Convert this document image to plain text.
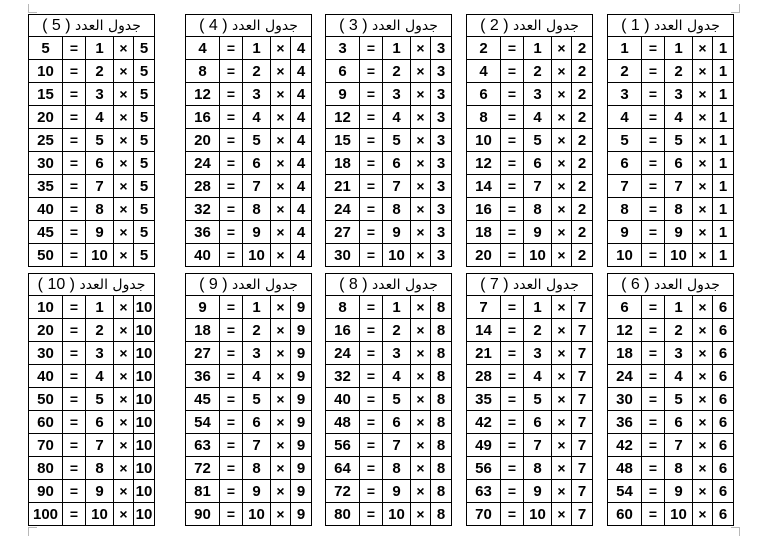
جدول العدد ( 5 )				
5	=	1	×	5
10	=	2	×	5
15	=	3	×	5
20	=	4	×	5
25	=	5	×	5
30	=	6	×	5
35	=	7	×	5
40	=	8	×	5
45	=	9	×	5
50	=	10	×	5
جدول العدد ( 4 )				
4	=	1	×	4
8	=	2	×	4
12	=	3	×	4
16	=	4	×	4
20	=	5	×	4
24	=	6	×	4
28	=	7	×	4
32	=	8	×	4
36	=	9	×	4
40	=	10	×	4
جدول العدد ( 3 )				
3	=	1	×	3
6	=	2	×	3
9	=	3	×	3
12	=	4	×	3
15	=	5	×	3
18	=	6	×	3
21	=	7	×	3
24	=	8	×	3
27	=	9	×	3
30	=	10	×	3
جدول العدد ( 2 )				
2	=	1	×	2
4	=	2	×	2
6	=	3	×	2
8	=	4	×	2
10	=	5	×	2
12	=	6	×	2
14	=	7	×	2
16	=	8	×	2
18	=	9	×	2
20	=	10	×	2
جدول العدد ( 1 )				
1	=	1	×	1
2	=	2	×	1
3	=	3	×	1
4	=	4	×	1
5	=	5	×	1
6	=	6	×	1
7	=	7	×	1
8	=	8	×	1
9	=	9	×	1
10	=	10	×	1
جدول العدد ( 10 )				
10	=	1	×	10
20	=	2	×	10
30	=	3	×	10
40	=	4	×	10
50	=	5	×	10
60	=	6	×	10
70	=	7	×	10
80	=	8	×	10
90	=	9	×	10
100	=	10	×	10
جدول العدد ( 9 )				
9	=	1	×	9
18	=	2	×	9
27	=	3	×	9
36	=	4	×	9
45	=	5	×	9
54	=	6	×	9
63	=	7	×	9
72	=	8	×	9
81	=	9	×	9
90	=	10	×	9
جدول العدد ( 8 )				
8	=	1	×	8
16	=	2	×	8
24	=	3	×	8
32	=	4	×	8
40	=	5	×	8
48	=	6	×	8
56	=	7	×	8
64	=	8	×	8
72	=	9	×	8
80	=	10	×	8
جدول العدد ( 7 )				
7	=	1	×	7
14	=	2	×	7
21	=	3	×	7
28	=	4	×	7
35	=	5	×	7
42	=	6	×	7
49	=	7	×	7
56	=	8	×	7
63	=	9	×	7
70	=	10	×	7
جدول العدد ( 6 )				
6	=	1	×	6
12	=	2	×	6
18	=	3	×	6
24	=	4	×	6
30	=	5	×	6
36	=	6	×	6
42	=	7	×	6
48	=	8	×	6
54	=	9	×	6
60	=	10	×	6
